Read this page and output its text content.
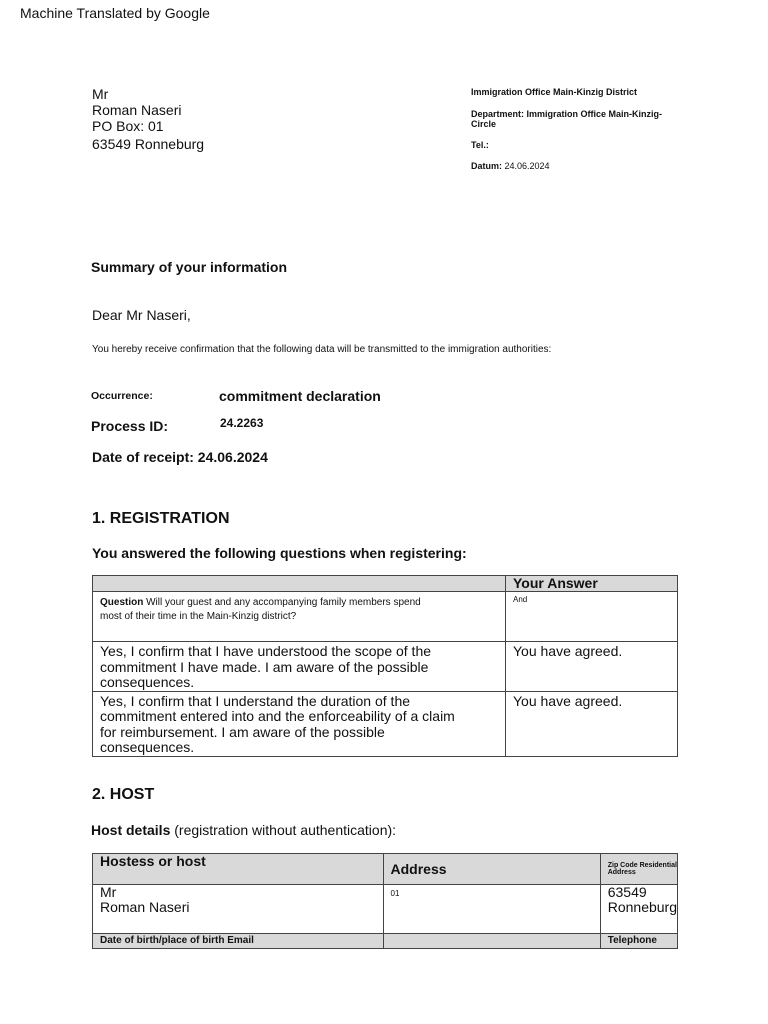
Machine Translated by Google
Mr
Roman Naseri
PO Box: 01
63549 Ronneburg
Immigration Office Main-Kinzig District
Department: Immigration Office Main-Kinzig-Circle
Tel.:
Datum: 24.06.2024
Summary of your information
Dear Mr Naseri,
You hereby receive confirmation that the following data will be transmitted to the immigration authorities:
Occurrence:	commitment declaration
Process ID:	24.2263
Date of receipt: 24.06.2024
1. REGISTRATION
You answered the following questions when registering:
	Your Answer
Question Will your guest and any accompanying family members spend most of their time in the Main-Kinzig district?	And
Yes, I confirm that I have understood the scope of the commitment I have made. I am aware of the possible consequences.	You have agreed.
Yes, I confirm that I understand the duration of the commitment entered into and the enforceability of a claim for reimbursement. I am aware of the possible consequences.	You have agreed.
2. HOST
Host details (registration without authentication):
Hostess or host	Address	Zip Code Residential Address

Mr
Roman Naseri	01	63549 Ronneburg
Date of birth/place of birth Email		Telephone
